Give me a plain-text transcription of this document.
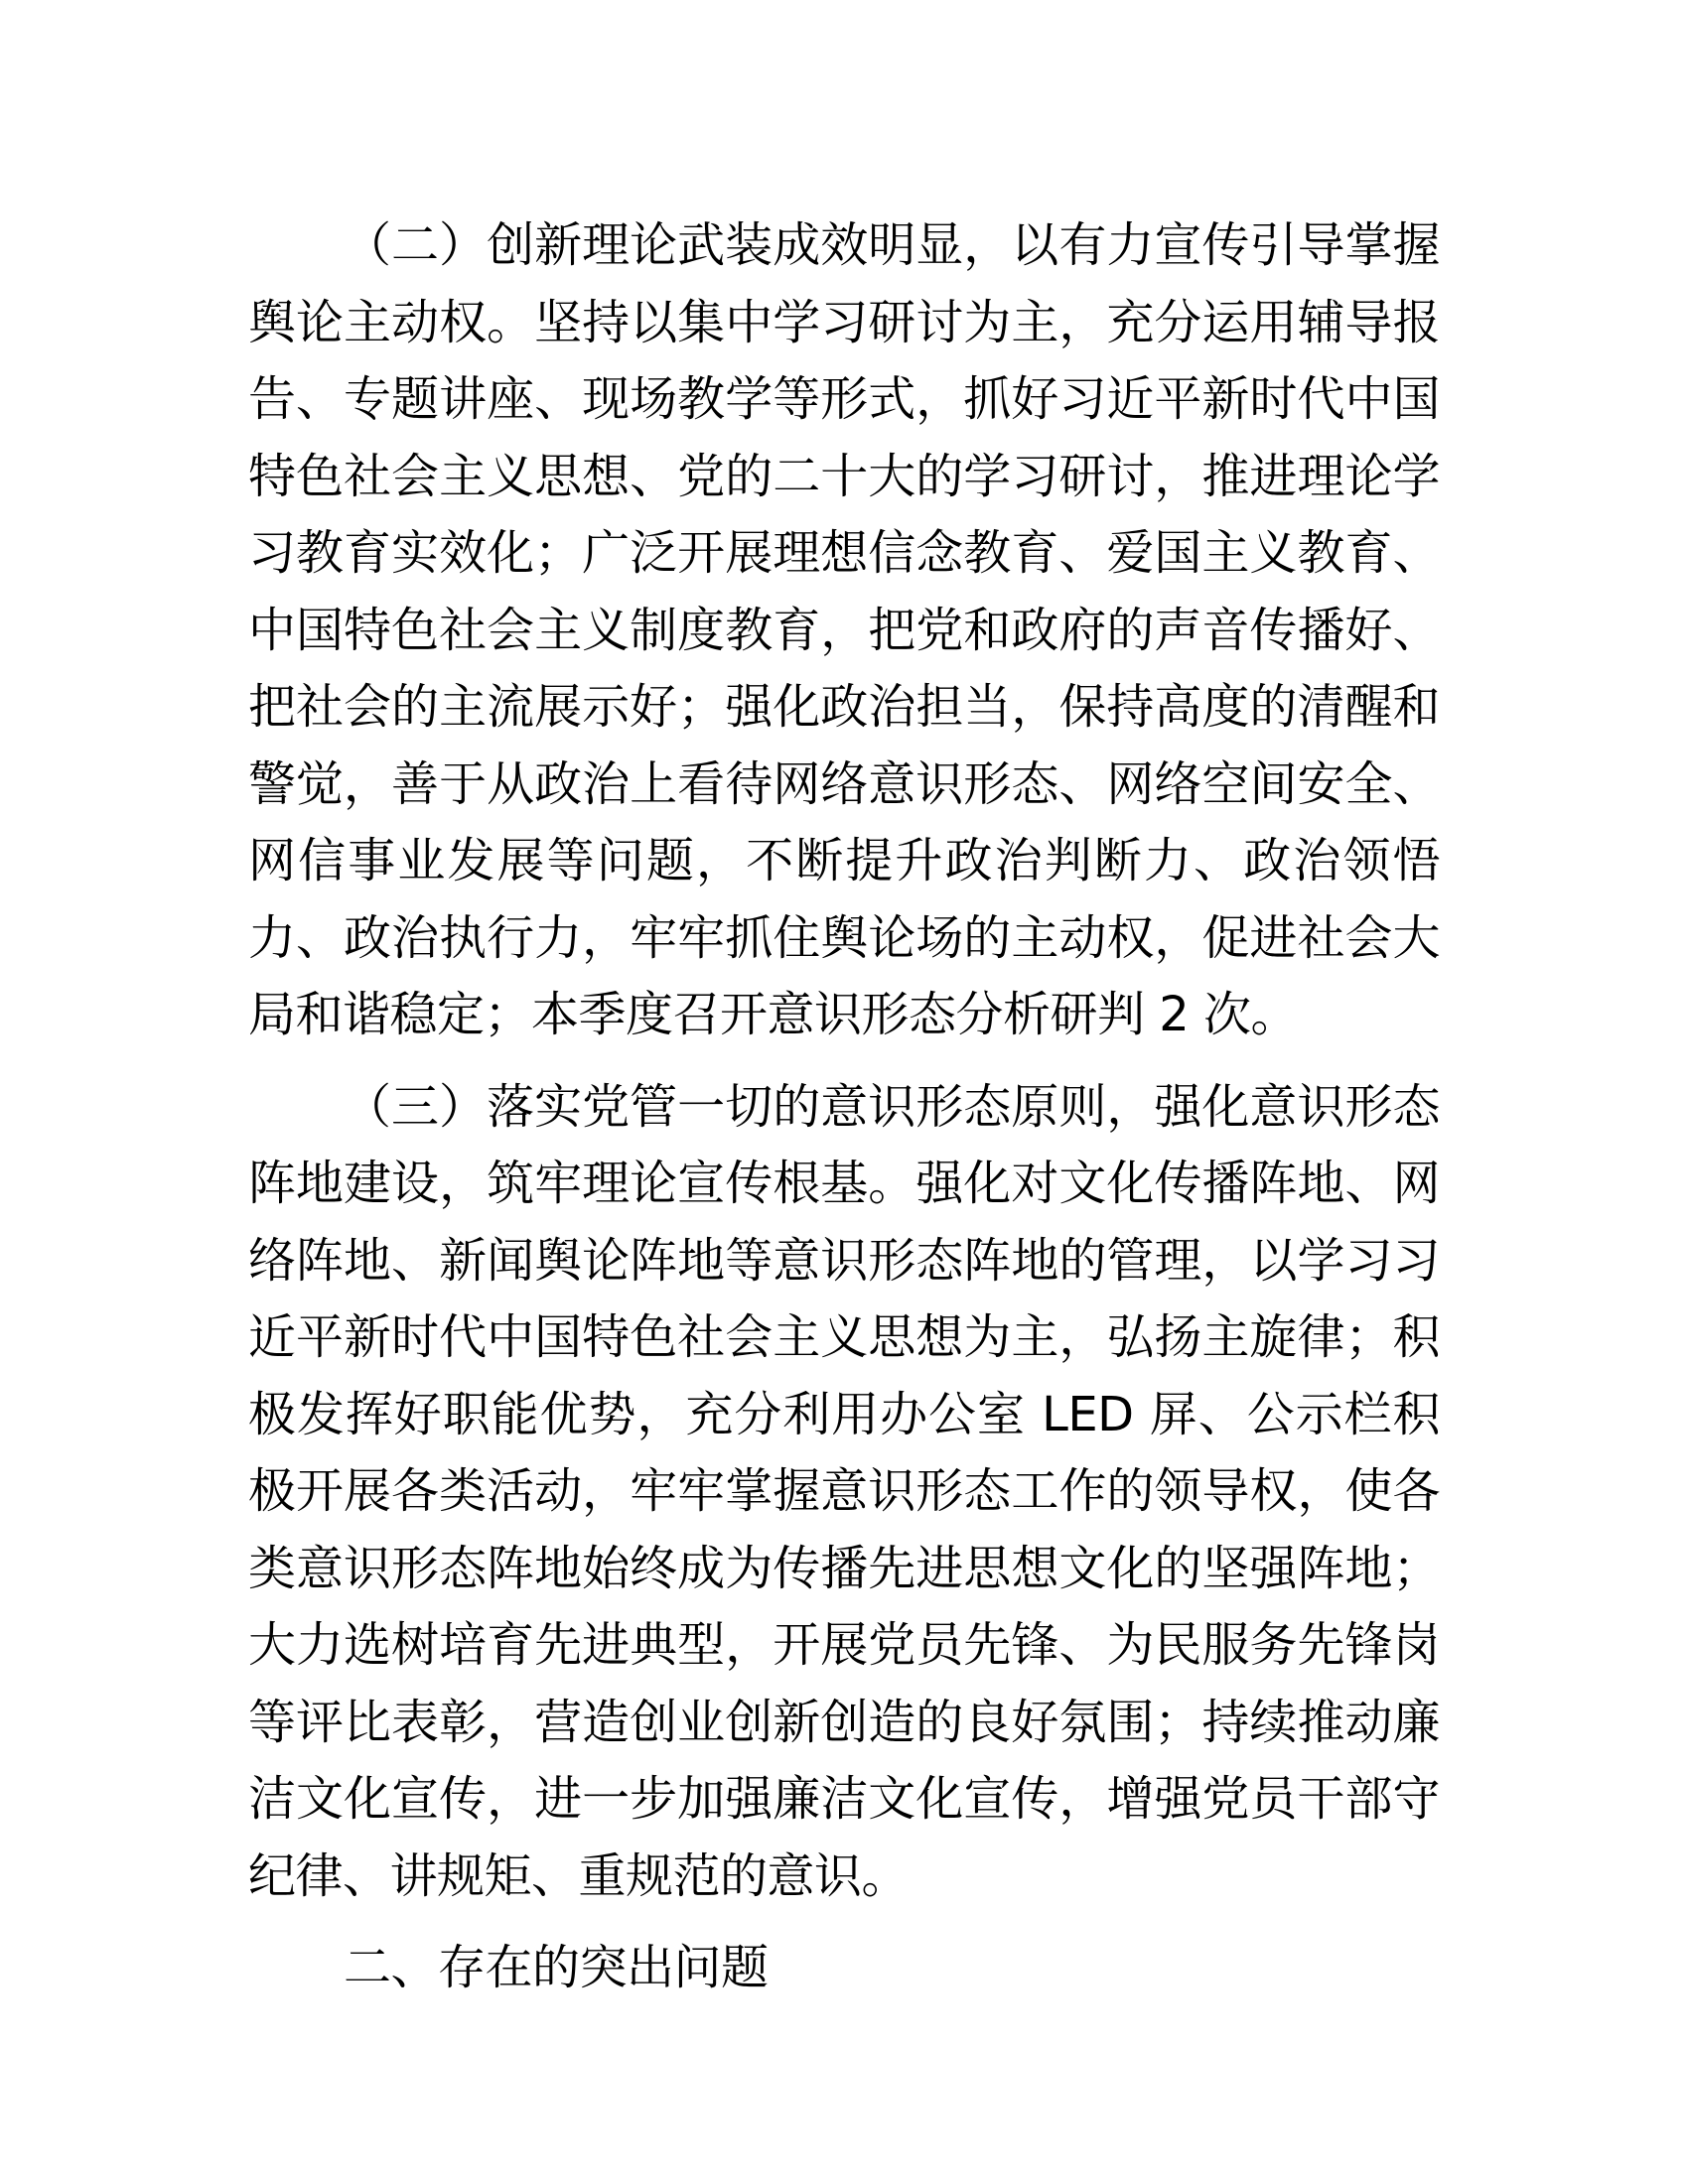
（二）创新理论武装成效明显，以有力宣传引导掌握舆论主动权。坚持以集中学习研讨为主，充分运用辅导报告、专题讲座、现场教学等形式，抓好习近平新时代中国特色社会主义思想、党的二十大的学习研讨，推进理论学习教育实效化；广泛开展理想信念教育、爱国主义教育、中国特色社会主义制度教育，把党和政府的声音传播好、把社会的主流展示好；强化政治担当，保持高度的清醒和警觉，善于从政治上看待网络意识形态、网络空间安全、网信事业发展等问题，不断提升政治判断力、政治领悟力、政治执行力，牢牢抓住舆论场的主动权，促进社会大局和谐稳定；本季度召开意识形态分析研判 2 次。

（三）落实党管一切的意识形态原则，强化意识形态阵地建设，筑牢理论宣传根基。强化对文化传播阵地、网络阵地、新闻舆论阵地等意识形态阵地的管理，以学习习近平新时代中国特色社会主义思想为主，弘扬主旋律；积极发挥好职能优势，充分利用办公室 LED 屏、公示栏积极开展各类活动，牢牢掌握意识形态工作的领导权，使各类意识形态阵地始终成为传播先进思想文化的坚强阵地；大力选树培育先进典型，开展党员先锋、为民服务先锋岗等评比表彰，营造创业创新创造的良好氛围；持续推动廉洁文化宣传，进一步加强廉洁文化宣传，增强党员干部守纪律、讲规矩、重规范的意识。

二、存在的突出问题
